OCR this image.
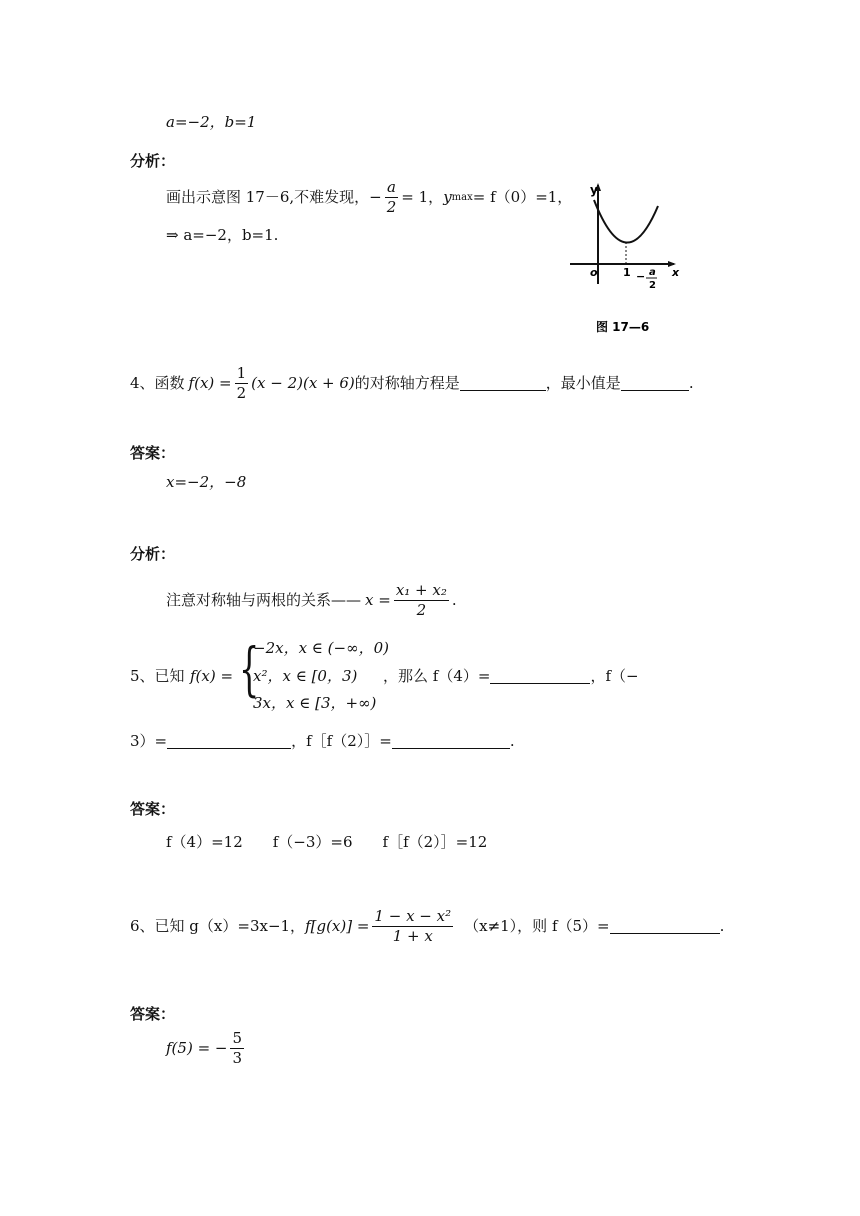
a=−2，b=1
分析：
画出示意图 17－6,不难发现， − $\frac{a}{2} = 1$， y max = f（0）=1，
⇒ a=−2，b=1.
y
x
o 1 − a
2
图 17—6
4、函数 $f(x) = \frac{1}{2} (x - 2)(x + 6)$ 的对称轴方程是	，最小值是	.
答案：
x=−2，−8
分析：
注意对称轴与两根的关系—— $x = \frac{\text{x₁ + x₂}}{2}$ .
5、已知 f(x) = {
−2x，x ∈ (−∞，0)
x²，x ∈ [0，3)
3x，x ∈ [3，+∞)
，那么 f（4）=	，f（−
3）=	，f［f（2）］=	.
答案：
f（4）=12　　f（−3）=6　　f［f（2）］=12
6、已知 g（x）=3x−1， $f[g(x)] = \frac{\text{1 − x − x²}}{1 + x} (x\ne 1)$，则 f（5）=	.
答案：
f(5) = − $\frac{5}{3}$
